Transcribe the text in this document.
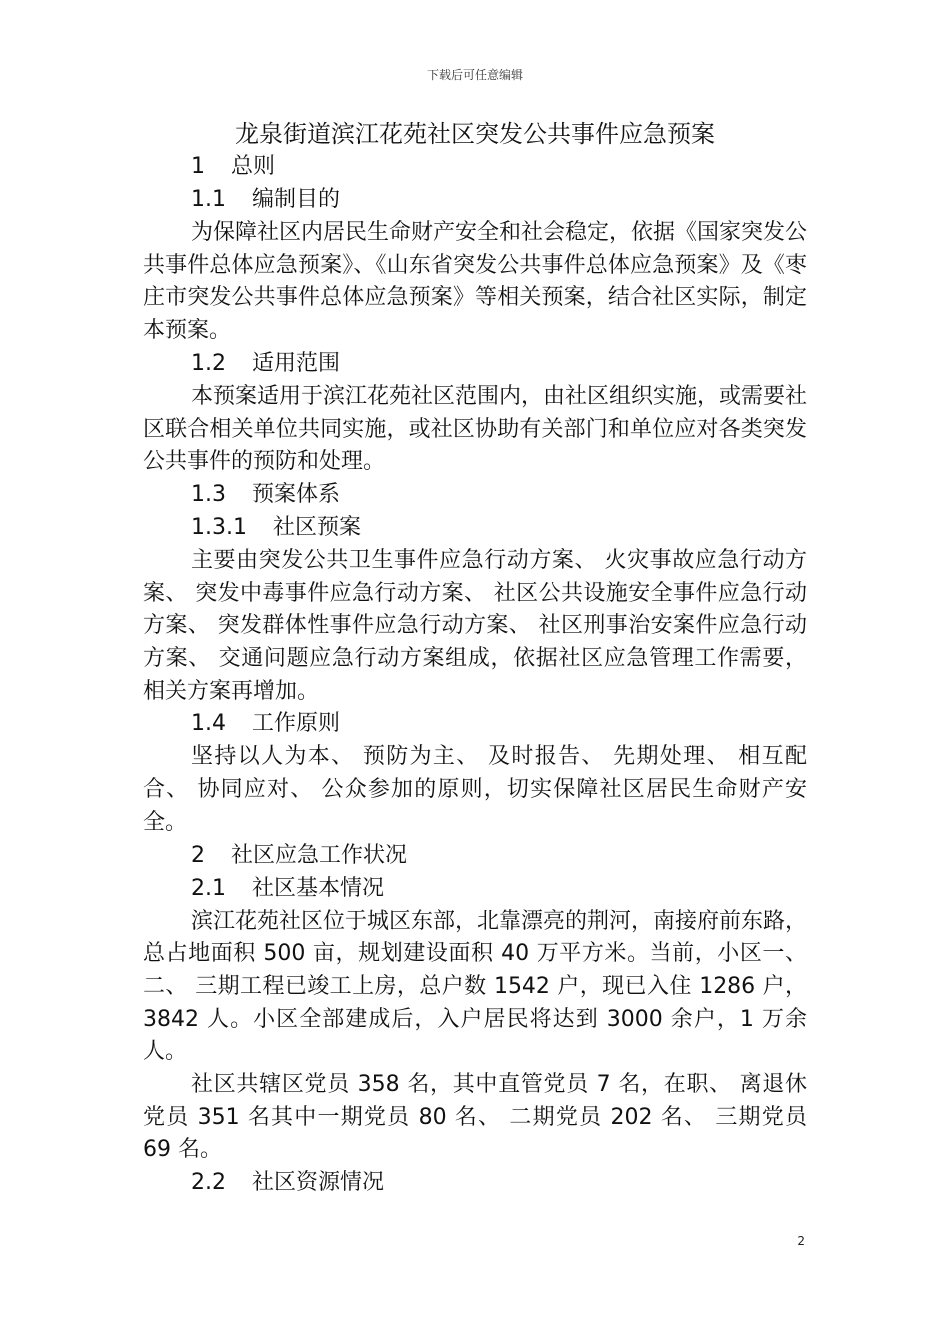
下载后可任意编辑
龙泉街道滨江花苑社区突发公共事件应急预案
1 总则
1.1 编制目的

为保障社区内居民生命财产安全和社会稳定，依据《国家突发公共事件总体应急预案》、《山东省突发公共事件总体应急预案》及《枣庄市突发公共事件总体应急预案》等相关预案，结合社区实际，制定本预案。

1.2 适用范围

本预案适用于滨江花苑社区范围内，由社区组织实施，或需要社区联合相关单位共同实施，或社区协助有关部门和单位应对各类突发公共事件的预防和处理。

1.3 预案体系
1.3.1 社区预案

主要由突发公共卫生事件应急行动方案、 火灾事故应急行动方案、 突发中毒事件应急行动方案、 社区公共设施安全事件应急行动方案、 突发群体性事件应急行动方案、 社区刑事治安案件应急行动方案、 交通问题应急行动方案组成，依据社区应急管理工作需要，相关方案再增加。

1.4 工作原则

坚持以人为本、 预防为主、 及时报告、 先期处理、 相互配合、 协同应对、 公众参加的原则，切实保障社区居民生命财产安全。

2 社区应急工作状况
2.1 社区基本情况

滨江花苑社区位于城区东部，北靠漂亮的荆河，南接府前东路，总占地面积 500 亩，规划建设面积 40 万平方米。当前，小区一、 二、 三期工程已竣工上房，总户数 1542 户，现已入住 1286 户，3842 人。小区全部建成后，入户居民将达到 3000 余户，1 万余人。

社区共辖区党员 358 名，其中直管党员 7 名，在职、 离退休党员 351 名其中一期党员 80 名、 二期党员 202 名、 三期党员 69 名。

2.2 社区资源情况
2
